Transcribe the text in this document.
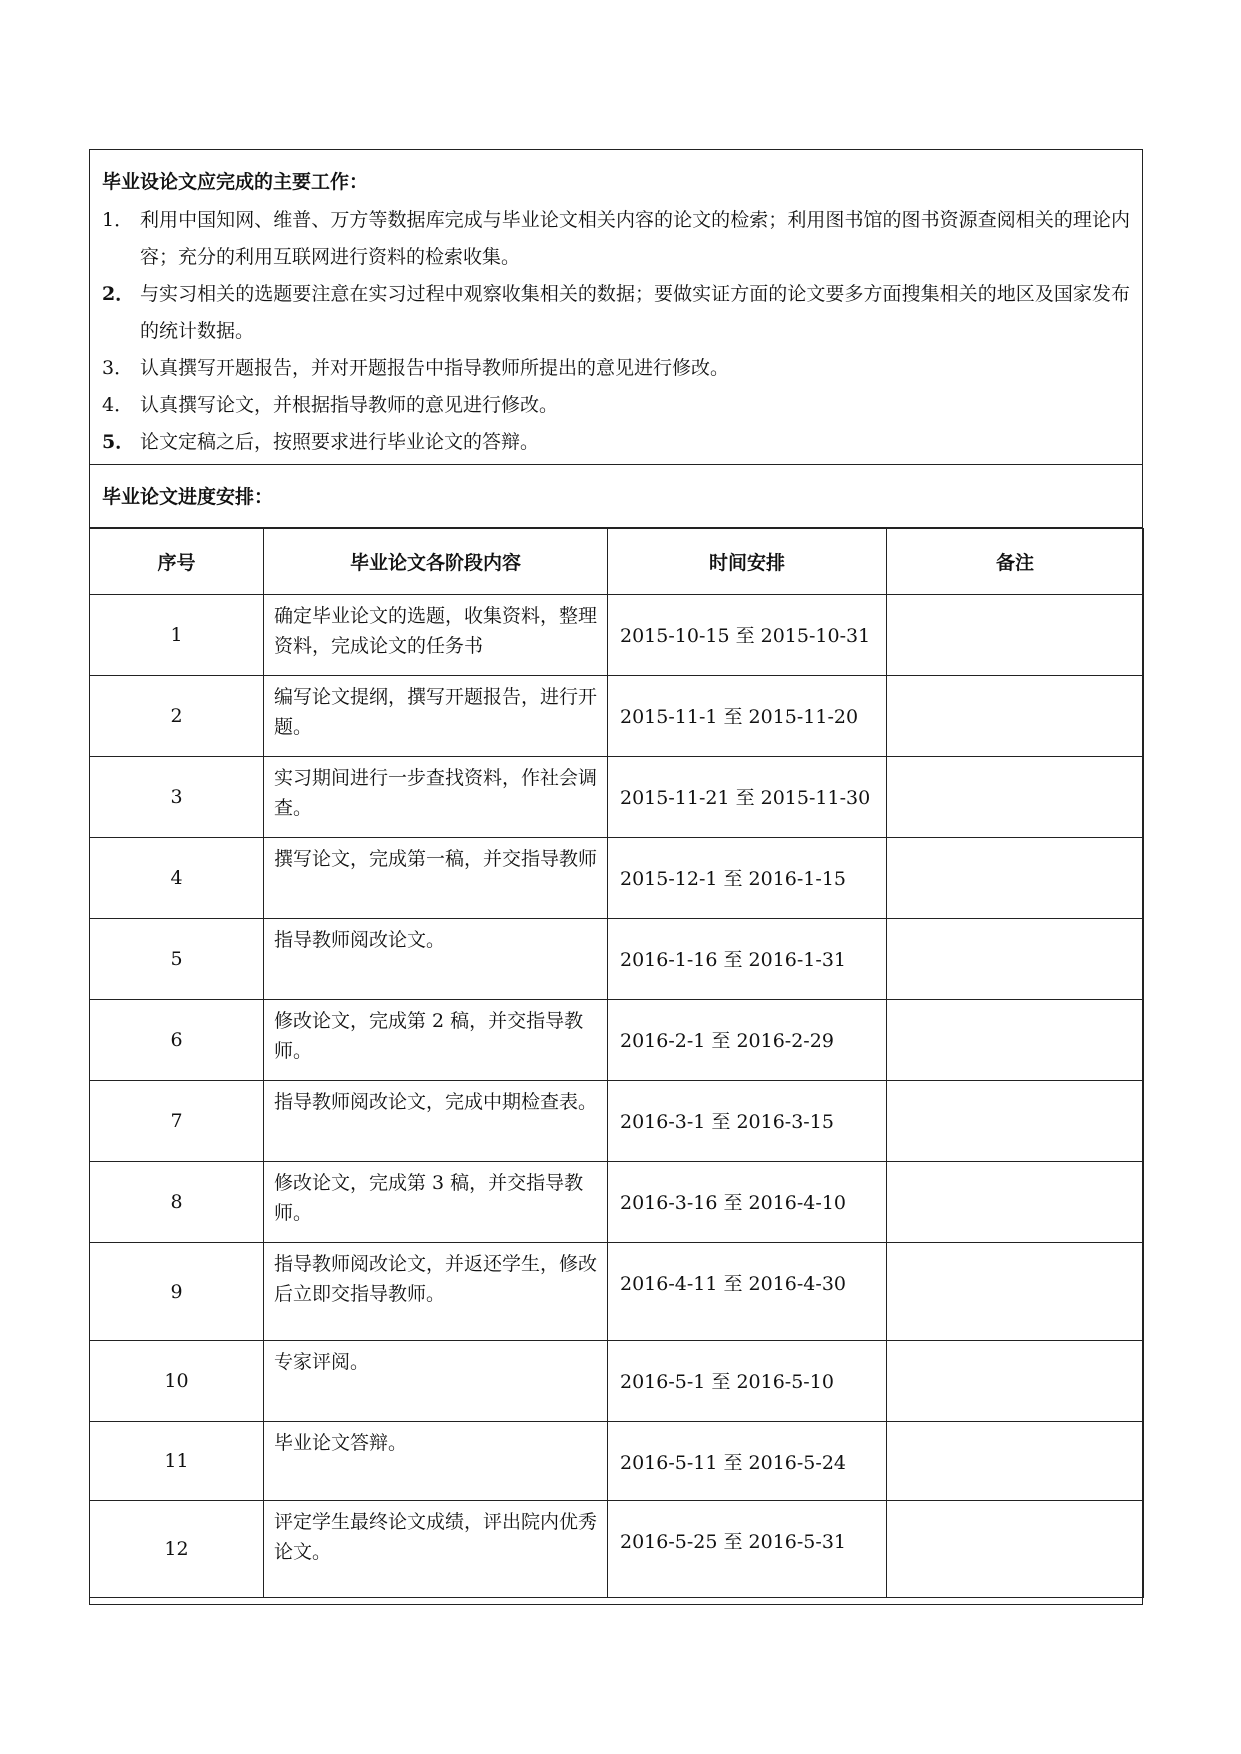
毕业设论文应完成的主要工作：
1． 利用中国知网、维普、万方等数据库完成与毕业论文相关内容的论文的检索；利用图书馆的图书资源查阅相关的理论内容；充分的利用互联网进行资料的检索收集。
2． 与实习相关的选题要注意在实习过程中观察收集相关的数据；要做实证方面的论文要多方面搜集相关的地区及国家发布的统计数据。
3． 认真撰写开题报告，并对开题报告中指导教师所提出的意见进行修改。
4． 认真撰写论文，并根据指导教师的意见进行修改。
5． 论文定稿之后，按照要求进行毕业论文的答辩。
毕业论文进度安排：
序号	毕业论文各阶段内容	时间安排	备注
1	确定毕业论文的选题，收集资料，整理资料，完成论文的任务书	2015-10-15 至 2015-10-31	
2	编写论文提纲，撰写开题报告，进行开题。	2015-11-1 至 2015-11-20	
3	实习期间进行一步查找资料，作社会调查。	2015-11-21 至 2015-11-30	
4	撰写论文，完成第一稿，并交指导教师	2015-12-1 至 2016-1-15	
5	指导教师阅改论文。	2016-1-16 至 2016-1-31	
6	修改论文，完成第 2 稿，并交指导教师。	2016-2-1 至 2016-2-29	
7	指导教师阅改论文，完成中期检查表。	2016-3-1 至 2016-3-15	
8	修改论文，完成第 3 稿，并交指导教师。	2016-3-16 至 2016-4-10	
9	指导教师阅改论文，并返还学生，修改后立即交指导教师。	2016-4-11 至 2016-4-30	
10	专家评阅。	2016-5-1 至 2016-5-10	
11	毕业论文答辩。	2016-5-11 至 2016-5-24	
12	评定学生最终论文成绩，评出院内优秀论文。	2016-5-25 至 2016-5-31	
